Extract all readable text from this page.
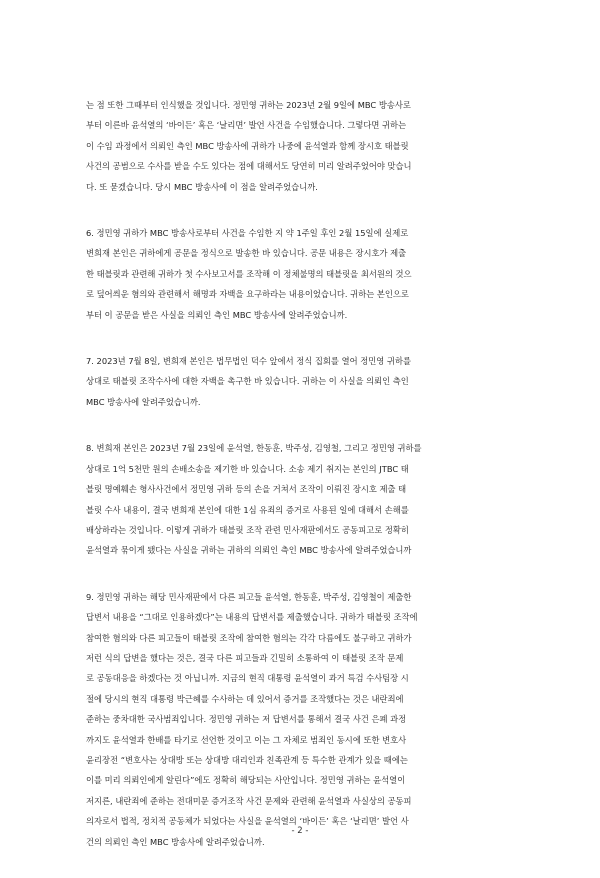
는 점 또한 그때부터 인식했을 것입니다. 정민영 귀하는 2023년 2월 9일에 MBC 방송사로
부터 이른바 윤석열의 ‘바이든’ 혹은 ‘날리면’ 발언 사건을 수임했습니다. 그렇다면 귀하는
이 수임 과정에서 의뢰인 측인 MBC 방송사에 귀하가 나중에 윤석열과 함께 장시호 태블릿
사건의 공범으로 수사를 받을 수도 있다는 점에 대해서도 당연히 미리 알려주었어야 맞습니
다. 또 묻겠습니다. 당시 MBC 방송사에 이 점을 알려주었습니까.

6. 정민영 귀하가 MBC 방송사로부터 사건을 수임한 지 약 1주일 후인 2월 15일에 실제로
변희재 본인은 귀하에게 공문을 정식으로 발송한 바 있습니다. 공문 내용은 장시호가 제출
한 태블릿과 관련해 귀하가 첫 수사보고서를 조작해 이 정체불명의 태블릿을 최서원의 것으
로 덮어씌운 혐의와 관련해서 해명과 자백을 요구하라는 내용이었습니다. 귀하는 본인으로
부터 이 공문을 받은 사실을 의뢰인 측인 MBC 방송사에 알려주었습니까.

7. 2023년 7월 8일, 변희재 본인은 법무법인 덕수 앞에서 정식 집회를 열어 정민영 귀하를
상대로 태블릿 조작수사에 대한 자백을 촉구한 바 있습니다. 귀하는 이 사실을 의뢰인 측인
MBC 방송사에 알려주었습니까.

8. 변희재 본인은 2023년 7월 23일에 윤석열, 한동훈, 박주성, 김영철, 그리고 정민영 귀하를
상대로 1억 5천만 원의 손배소송을 제기한 바 있습니다. 소송 제기 취지는 본인의 JTBC 태
블릿 명예훼손 형사사건에서 정민영 귀하 등의 손을 거쳐서 조작이 이뤄진 장시호 제출 태
블릿 수사 내용이, 결국 변희재 본인에 대한 1심 유죄의 증거로 사용된 일에 대해서 손해를
배상하라는 것입니다. 이렇게 귀하가 태블릿 조작 관련 민사재판에서도 공동피고로 정확히
윤석열과 묶이게 됐다는 사실을 귀하는 귀하의 의뢰인 측인 MBC 방송사에 알려주었습니까

9. 정민영 귀하는 해당 민사재판에서 다른 피고들 윤석열, 한동훈, 박주성, 김영철이 제출한
답변서 내용을 “그대로 인용하겠다”는 내용의 답변서를 제출했습니다. 귀하가 태블릿 조작에
참여한 혐의와 다른 피고들이 태블릿 조작에 참여한 혐의는 각각 다름에도 불구하고 귀하가
저런 식의 답변을 했다는 것은, 결국 다른 피고들과 긴밀히 소통하여 이 태블릿 조작 문제
로 공동대응을 하겠다는 것 아닙니까. 지금의 현직 대통령 윤석열이 과거 특검 수사팀장 시
절에 당시의 현직 대통령 박근혜를 수사하는 데 있어서 증거를 조작했다는 것은 내란죄에
준하는 중차대한 국사범죄입니다. 정민영 귀하는 저 답변서를 통해서 결국 사건 은폐 과정
까지도 윤석열과 한배를 타기로 선언한 것이고 이는 그 자체로 범죄인 동시에 또한 변호사
윤리장전 “변호사는 상대방 또는 상대방 대리인과 친족관계 등 특수한 관계가 있을 때에는
이를 미리 의뢰인에게 알린다”에도 정확히 해당되는 사안입니다. 정민영 귀하는 윤석열이
저지른, 내란죄에 준하는 전대미문 증거조작 사건 문제와 관련해 윤석열과 사실상의 공동피
의자로서 법적, 정치적 공동체가 되었다는 사실을 윤석열의 ‘바이든’ 혹은 ‘날리면’ 발언 사
건의 의뢰인 측인 MBC 방송사에 알려주었습니까.

- 2 -
